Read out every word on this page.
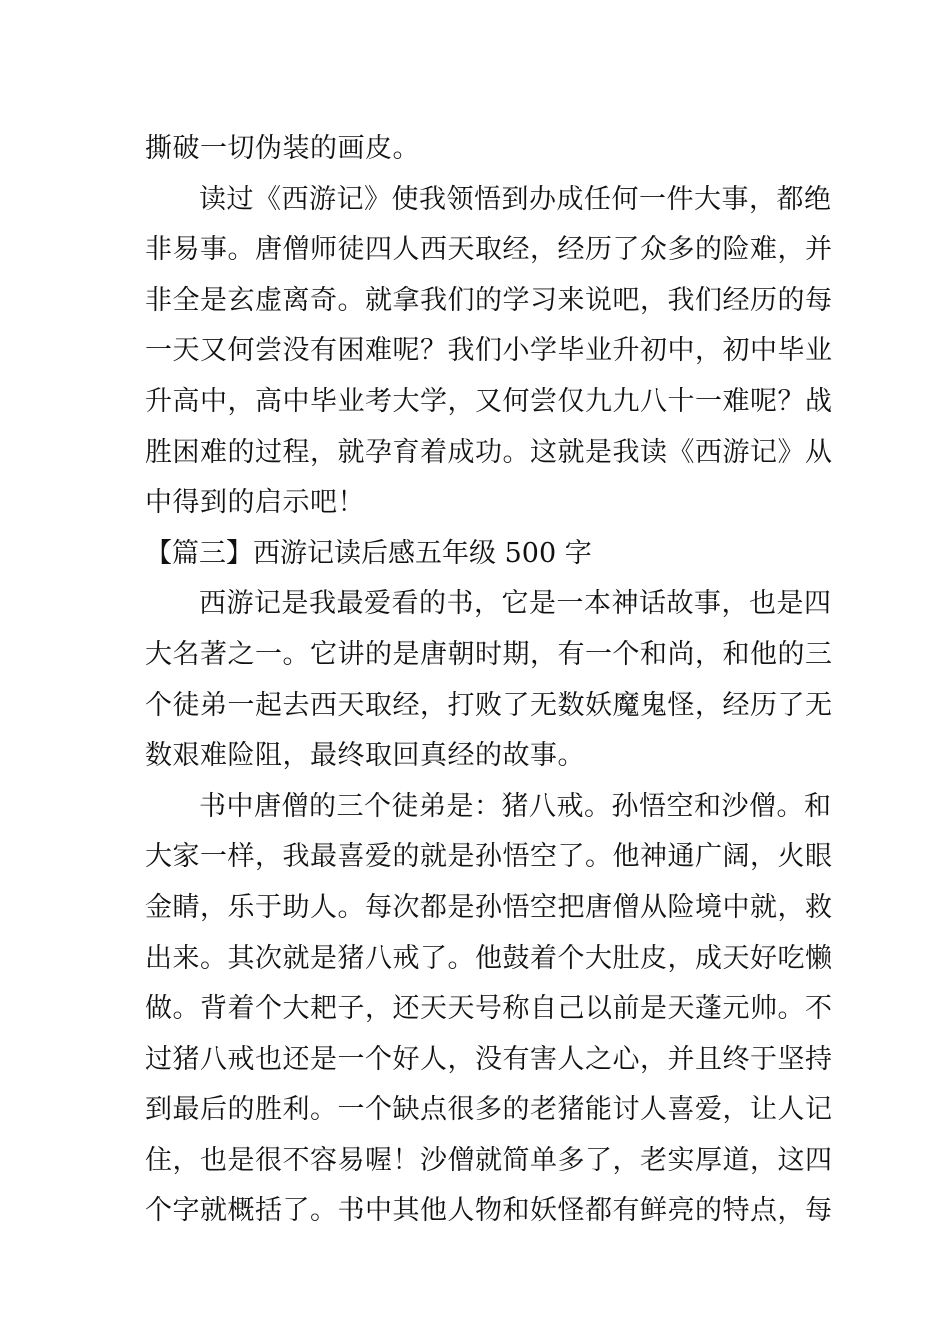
撕破一切伪装的画皮。
读过《西游记》使我领悟到办成任何一件大事，都绝
非易事。唐僧师徒四人西天取经，经历了众多的险难，并
非全是玄虚离奇。就拿我们的学习来说吧，我们经历的每
一天又何尝没有困难呢？我们小学毕业升初中，初中毕业
升高中，高中毕业考大学，又何尝仅九九八十一难呢？战
胜困难的过程，就孕育着成功。这就是我读《西游记》从
中得到的启示吧！
【篇三】西游记读后感五年级 500 字
西游记是我最爱看的书，它是一本神话故事，也是四
大名著之一。它讲的是唐朝时期，有一个和尚，和他的三
个徒弟一起去西天取经，打败了无数妖魔鬼怪，经历了无
数艰难险阻，最终取回真经的故事。
书中唐僧的三个徒弟是：猪八戒。孙悟空和沙僧。和
大家一样，我最喜爱的就是孙悟空了。他神通广阔，火眼
金睛，乐于助人。每次都是孙悟空把唐僧从险境中就，救
出来。其次就是猪八戒了。他鼓着个大肚皮，成天好吃懒
做。背着个大耙子，还天天号称自己以前是天蓬元帅。不
过猪八戒也还是一个好人，没有害人之心，并且终于坚持
到最后的胜利。一个缺点很多的老猪能讨人喜爱，让人记
住，也是很不容易喔！沙僧就简单多了，老实厚道，这四
个字就概括了。书中其他人物和妖怪都有鲜亮的特点，每
